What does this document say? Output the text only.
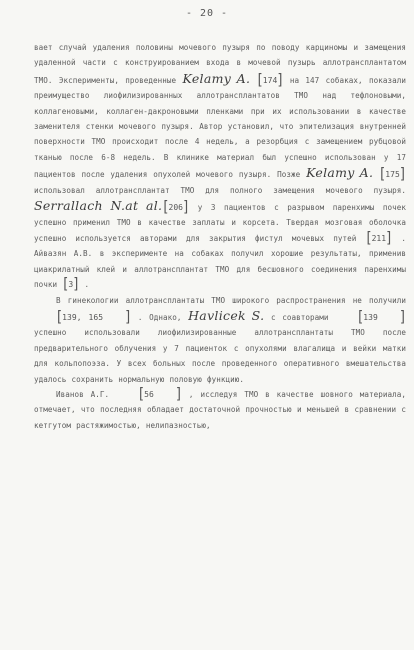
- 20 -

вает случай удаления половины мочевого пузыря по поводу карциномы и замещения удаленной части с конструированием входа в мочевой пузырь аллотрансплантатом ТМО. Эксперименты, проведенные Kelamy A. [174] на 147 собаках, показали преимущество лиофилизированных аллотрансплантатов ТМО над тефлоновыми, коллагеновыми, коллаген-дакроновыми пленками при их использовании в качестве заменителя стенки мочевого пузыря. Автор установил, что эпителизация внутренней поверхности ТМО происходит после 4 недель, а резорбция с замещением рубцовой тканью после 6-8 недель. В клинике материал был успешно использован у 17 пациентов после удаления опухолей мочевого пузыря. Позже Kelamy A. [175] использовал аллотрансплантат ТМО для полного замещения мочевого пузыря. Serrallach N.at al.[206] у 3 пациентов с разрывом паренхимы почек успешно применил ТМО в качестве заплаты и корсета. Твердая мозговая оболочка успешно используется авторами для закрытия фистул мочевых путей [211] . Айвазян А.В. в эксперименте на собаках получил хорошие результаты, применив циакрилатный клей и аллотрансплантат ТМО для бесшовного соединения паренхимы почки [3] .

В гинекологии аллотрансплантаты ТМО широкого распространения не получили [139, 165 ] . Однако, Havlicek S. с соавторами [139 ] успешно использовали лиофилизированные аллотрансплантаты ТМО после предварительного облучения у 7 пациенток с опухолями влагалища и вейки матки для кольпопоэза. У всех больных после проведенного оперативного вмешательства удалось сохранить нормальную половую функцию.

Иванов А.Г. [56 ] , исследуя ТМО в качестве шовного материала, отмечает, что последняя обладает достаточной прочностью и меньшей в сравнении с кетгутом растяжимостью, нелипазностью,
